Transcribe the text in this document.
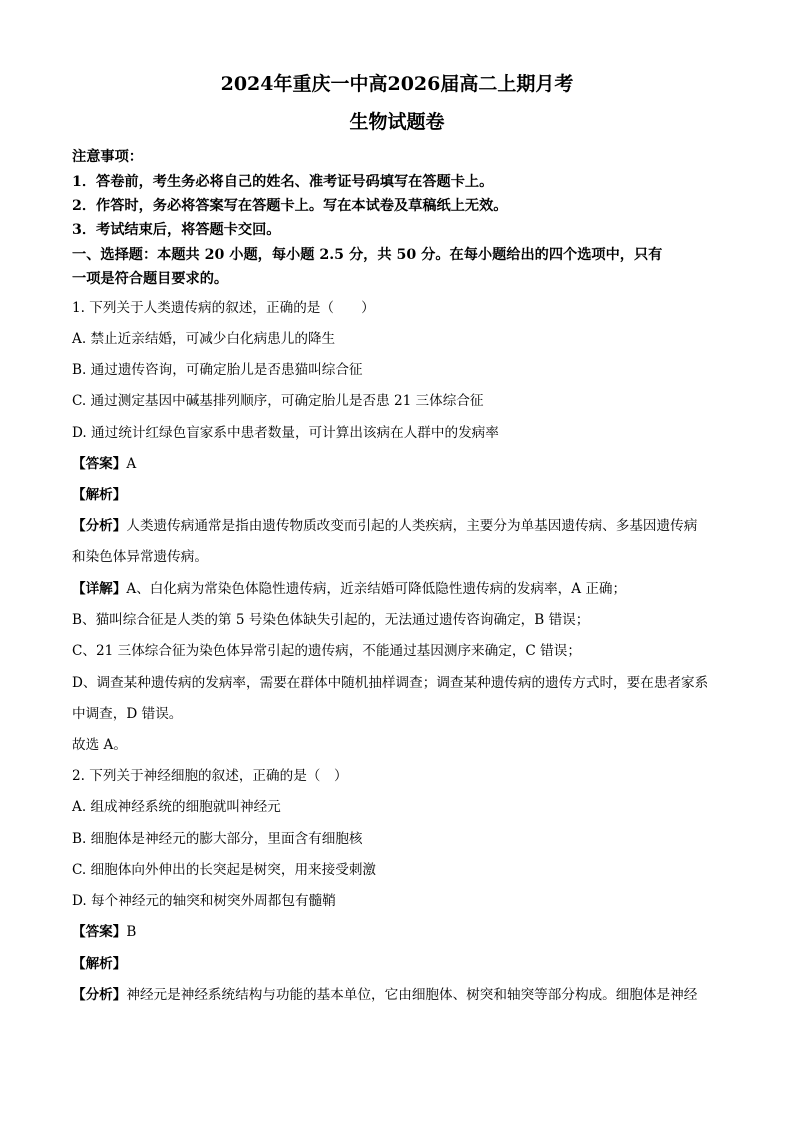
2024年重庆一中高2026届高二上期月考
生物试题卷
注意事项：
1．答卷前，考生务必将自己的姓名、准考证号码填写在答题卡上。
2．作答时，务必将答案写在答题卡上。写在本试卷及草稿纸上无效。
3．考试结束后，将答题卡交回。
一、选择题：本题共 20 小题，每小题 2.5 分，共 50 分。在每小题给出的四个选项中，只有
一项是符合题目要求的。
1. 下列关于人类遗传病的叙述，正确的是（　　）
A. 禁止近亲结婚，可减少白化病患儿的降生
B. 通过遗传咨询，可确定胎儿是否患猫叫综合征
C. 通过测定基因中碱基排列顺序，可确定胎儿是否患 21 三体综合征
D. 通过统计红绿色盲家系中患者数量，可计算出该病在人群中的发病率
【答案】A
【解析】
【分析】人类遗传病通常是指由遗传物质改变而引起的人类疾病，主要分为单基因遗传病、多基因遗传病
和染色体异常遗传病。
【详解】A、白化病为常染色体隐性遗传病，近亲结婚可降低隐性遗传病的发病率，A 正确；
B、猫叫综合征是人类的第 5 号染色体缺失引起的，无法通过遗传咨询确定，B 错误；
C、21 三体综合征为染色体异常引起的遗传病，不能通过基因测序来确定，C 错误；
D、调查某种遗传病的发病率，需要在群体中随机抽样调查；调查某种遗传病的遗传方式时，要在患者家系
中调查，D 错误。
故选 A。
2. 下列关于神经细胞的叙述，正确的是（　）
A. 组成神经系统的细胞就叫神经元
B. 细胞体是神经元的膨大部分，里面含有细胞核
C. 细胞体向外伸出的长突起是树突，用来接受刺激
D. 每个神经元的轴突和树突外周都包有髓鞘
【答案】B
【解析】
【分析】神经元是神经系统结构与功能的基本单位，它由细胞体、树突和轴突等部分构成。细胞体是神经
